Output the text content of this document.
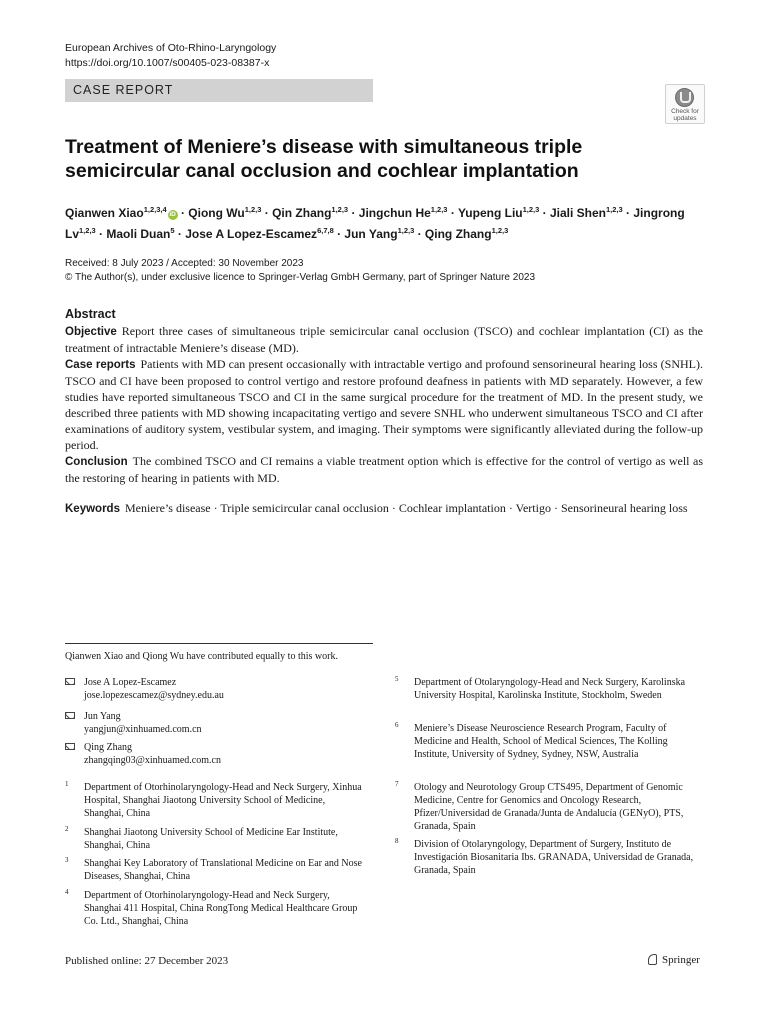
European Archives of Oto-Rhino-Laryngology
https://doi.org/10.1007/s00405-023-08387-x
CASE REPORT
Check for
updates
Treatment of Meniere’s disease with simultaneous triple semicircular canal occlusion and cochlear implantation
Qianwen Xiao$^{1,2,3,4}$iD · Qiong Wu$^{1,2,3}$ · Qin Zhang$^{1,2,3}$ · Jingchun He$^{1,2,3}$ · Yupeng Liu$^{1,2,3}$ · Jiali Shen$^{1,2,3}$ · Jingrong Lv$^{1,2,3}$ · Maoli Duan$^5$ · Jose A Lopez-Escamez$^{6,7,8}$ · Jun Yang$^{1,2,3}$ · Qing Zhang$^{1,2,3}$
Received: 8 July 2023 / Accepted: 30 November 2023
© The Author(s), under exclusive licence to Springer-Verlag GmbH Germany, part of Springer Nature 2023
Abstract

Objective Report three cases of simultaneous triple semicircular canal occlusion (TSCO) and cochlear implantation (CI) as the treatment of intractable Meniere’s disease (MD).

Case reports Patients with MD can present occasionally with intractable vertigo and profound sensorineural hearing loss (SNHL). TSCO and CI have been proposed to control vertigo and restore profound deafness in patients with MD separately. However, a few studies have reported simultaneous TSCO and CI in the same surgical procedure for the treatment of MD. In the present study, we described three patients with MD showing incapacitating vertigo and severe SNHL who underwent simultaneous TSCO and CI after examinations of auditory system, vestibular system, and imaging. Their symptoms were significantly alleviated during the follow-up period.

Conclusion The combined TSCO and CI remains a viable treatment option which is effective for the control of vertigo as well as the restoring of hearing in patients with MD.

Keywords Meniere’s disease · Triple semicircular canal occlusion · Cochlear implantation · Vertigo · Sensorineural hearing loss
Qianwen Xiao and Qiong Wu have contributed equally to this work.
Jose A Lopez-Escamez
jose.lopezescamez@sydney.edu.au
Jun Yang
yangjun@xinhuamed.com.cn
Qing Zhang
zhangqing03@xinhuamed.com.cn
1 Department of Otorhinolaryngology-Head and Neck Surgery, Xinhua Hospital, Shanghai Jiaotong University School of Medicine, Shanghai, China
2 Shanghai Jiaotong University School of Medicine Ear Institute, Shanghai, China
3 Shanghai Key Laboratory of Translational Medicine on Ear and Nose Diseases, Shanghai, China
4 Department of Otorhinolaryngology-Head and Neck Surgery, Shanghai 411 Hospital, China RongTong Medical Healthcare Group Co. Ltd., Shanghai, China
5 Department of Otolaryngology-Head and Neck Surgery, Karolinska University Hospital, Karolinska Institute, Stockholm, Sweden
6 Meniere’s Disease Neuroscience Research Program, Faculty of Medicine and Health, School of Medical Sciences, The Kolling Institute, University of Sydney, Sydney, NSW, Australia
7 Otology and Neurotology Group CTS495, Department of Genomic Medicine, Centre for Genomics and Oncology Research, Pfizer/Universidad de Granada/Junta de Andalucía (GENyO), PTS, Granada, Spain
8 Division of Otolaryngology, Department of Surgery, Instituto de Investigación Biosanitaria Ibs. GRANADA, Universidad de Granada, Granada, Spain
Published online: 27 December 2023	Springer
